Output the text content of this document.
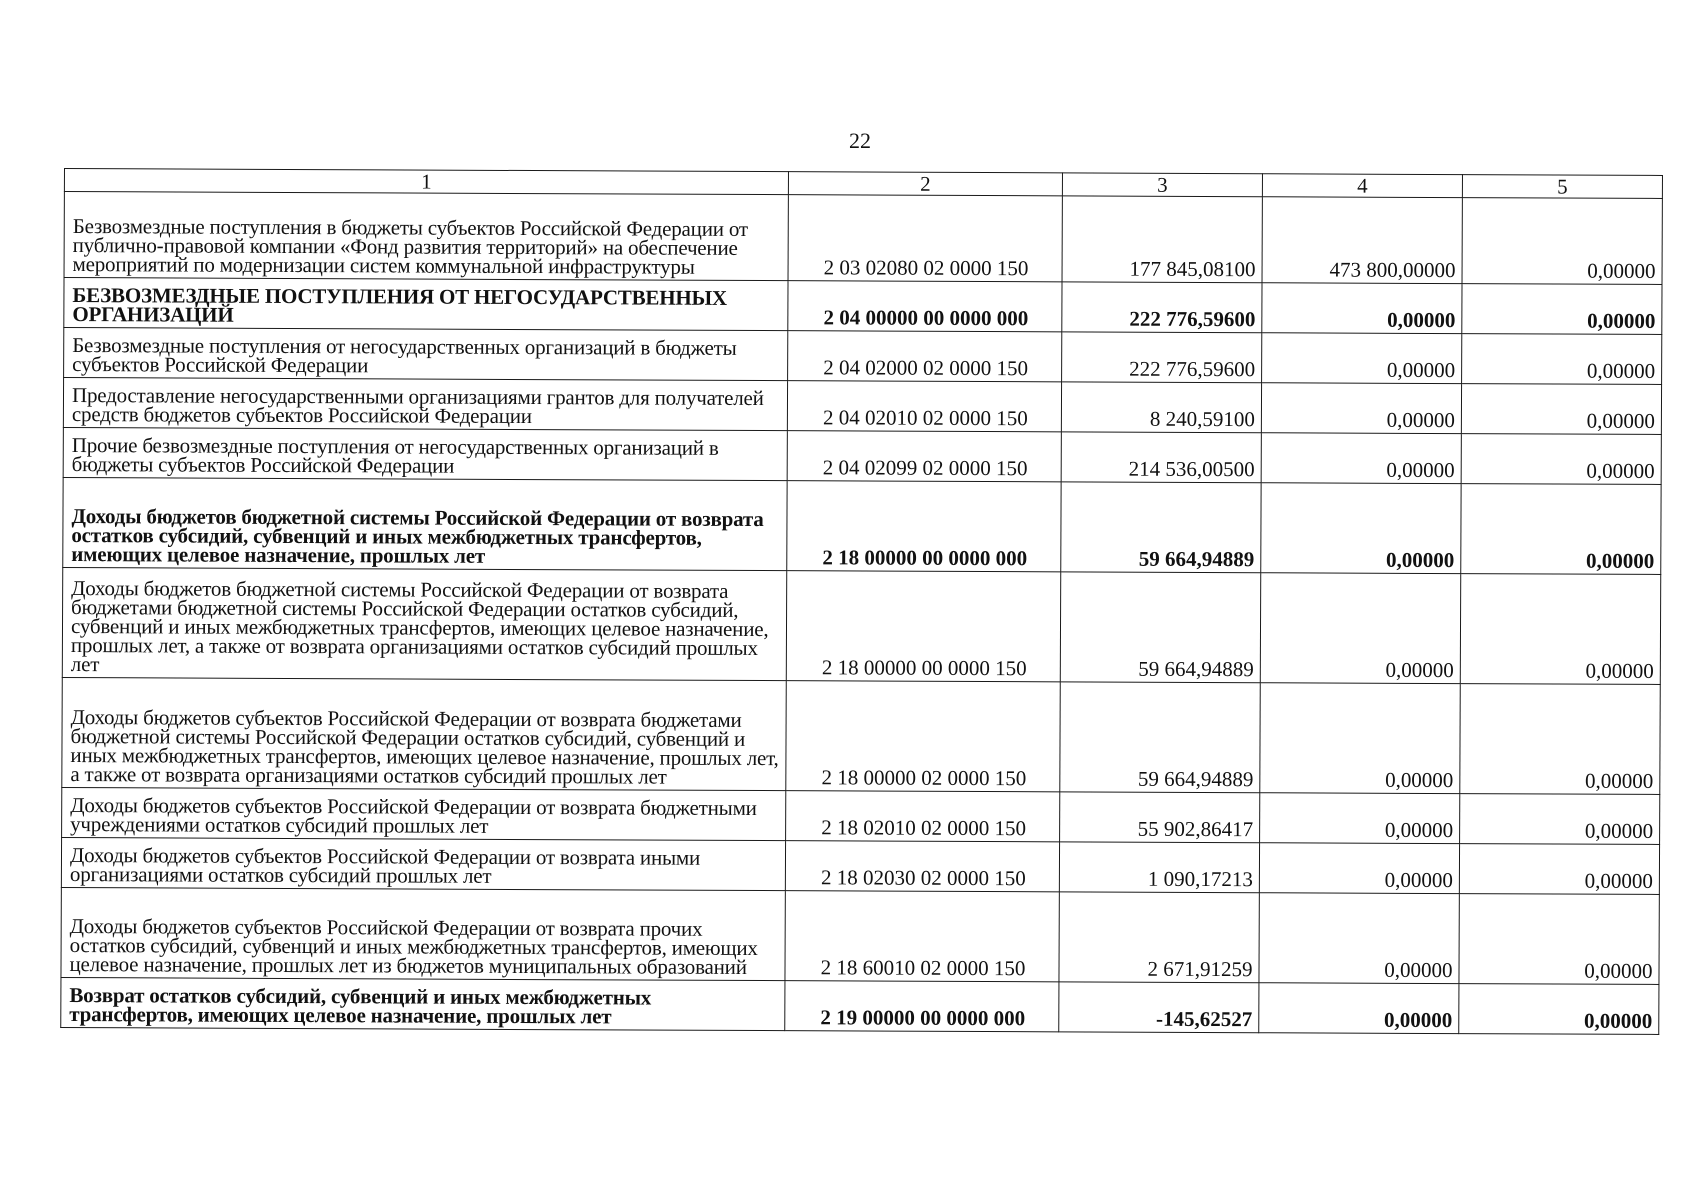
22
1	2	3	4	5
Безвозмездные поступления в бюджеты субъектов Российской Федерации от публично-правовой компании «Фонд развития территорий» на обеспечение мероприятий по модернизации систем коммунальной инфраструктуры	2 03 02080 02 0000 150	177 845,08100	473 800,00000	0,00000
БЕЗВОЗМЕЗДНЫЕ ПОСТУПЛЕНИЯ ОТ НЕГОСУДАРСТВЕННЫХ ОРГАНИЗАЦИЙ	2 04 00000 00 0000 000	222 776,59600	0,00000	0,00000
Безвозмездные поступления от негосударственных организаций в бюджеты субъектов Российской Федерации	2 04 02000 02 0000 150	222 776,59600	0,00000	0,00000
Предоставление негосударственными организациями грантов для получателей средств бюджетов субъектов Российской Федерации	2 04 02010 02 0000 150	8 240,59100	0,00000	0,00000
Прочие безвозмездные поступления от негосударственных организаций в бюджеты субъектов Российской Федерации	2 04 02099 02 0000 150	214 536,00500	0,00000	0,00000
Доходы бюджетов бюджетной системы Российской Федерации от возврата остатков субсидий, субвенций и иных межбюджетных трансфертов, имеющих целевое назначение, прошлых лет	2 18 00000 00 0000 000	59 664,94889	0,00000	0,00000
Доходы бюджетов бюджетной системы Российской Федерации от возврата бюджетами бюджетной системы Российской Федерации остатков субсидий, субвенций и иных межбюджетных трансфертов, имеющих целевое назначение, прошлых лет, а также от возврата организациями остатков субсидий прошлых лет	2 18 00000 00 0000 150	59 664,94889	0,00000	0,00000
Доходы бюджетов субъектов Российской Федерации от возврата бюджетами бюджетной системы Российской Федерации остатков субсидий, субвенций и иных межбюджетных трансфертов, имеющих целевое назначение, прошлых лет, а также от возврата организациями остатков субсидий прошлых лет	2 18 00000 02 0000 150	59 664,94889	0,00000	0,00000
Доходы бюджетов субъектов Российской Федерации от возврата бюджетными учреждениями остатков субсидий прошлых лет	2 18 02010 02 0000 150	55 902,86417	0,00000	0,00000
Доходы бюджетов субъектов Российской Федерации от возврата иными организациями остатков субсидий прошлых лет	2 18 02030 02 0000 150	1 090,17213	0,00000	0,00000
Доходы бюджетов субъектов Российской Федерации от возврата прочих остатков субсидий, субвенций и иных межбюджетных трансфертов, имеющих целевое назначение, прошлых лет из бюджетов муниципальных образований	2 18 60010 02 0000 150	2 671,91259	0,00000	0,00000
Возврат остатков субсидий, субвенций и иных межбюджетных трансфертов, имеющих целевое назначение, прошлых лет	2 19 00000 00 0000 000	-145,62527	0,00000	0,00000
